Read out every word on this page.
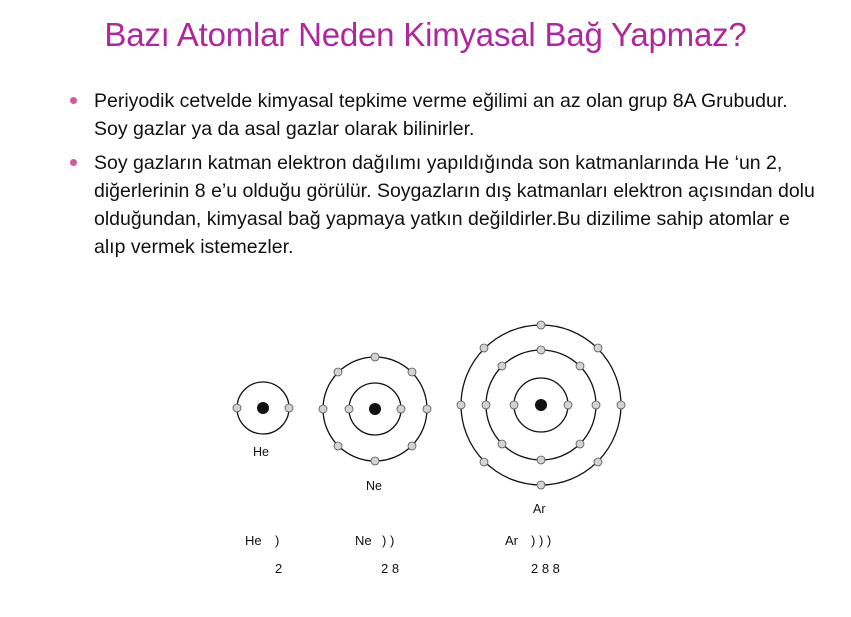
Bazı Atomlar Neden Kimyasal Bağ Yapmaz?
Periyodik cetvelde kimyasal tepkime verme eğilimi an az olan grup 8A Grubudur. Soy gazlar ya da asal gazlar olarak bilinirler.
Soy gazların katman elektron dağılımı yapıldığında son katmanlarında He ‘un 2, diğerlerinin 8 e’u olduğu görülür. Soygazların dış katmanları elektron açısından dolu olduğundan, kimyasal bağ yapmaya yatkın değildirler.Bu dizilime sahip atomlar e alıp vermek istemezler.
He
Ne
Ar
He )
2
Ne ) )
2 8
Ar ) ) )
2 8 8
